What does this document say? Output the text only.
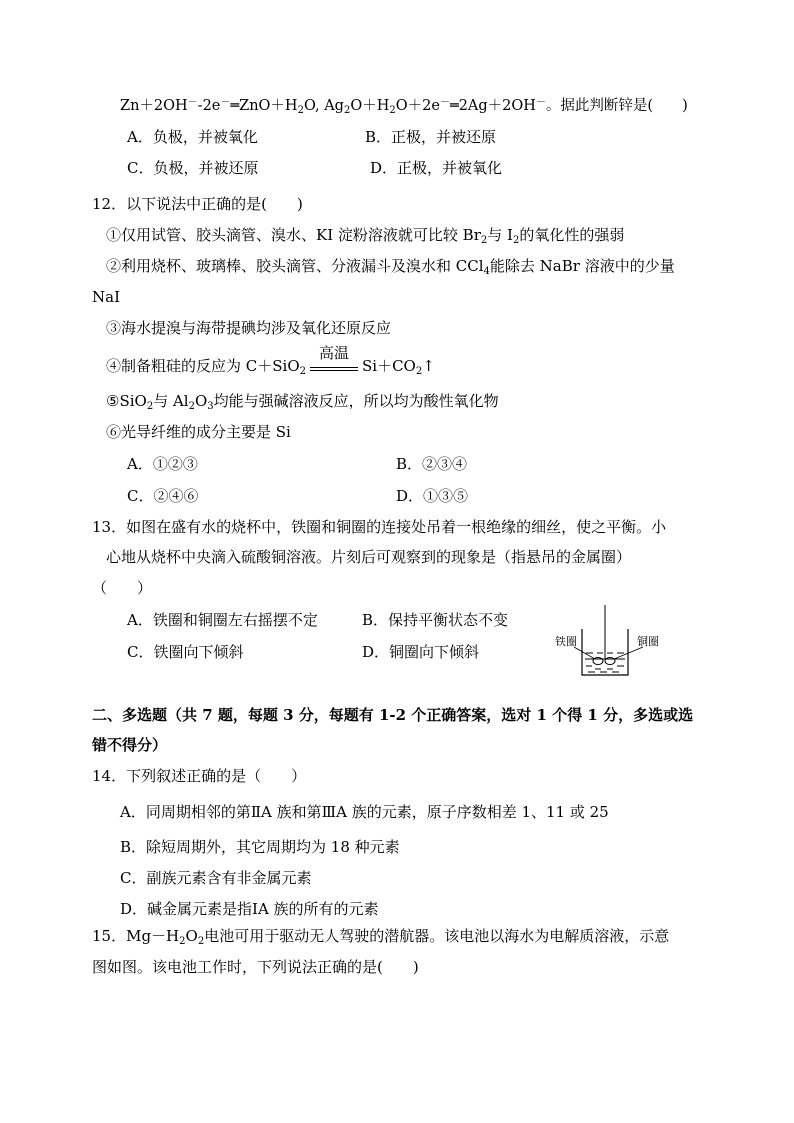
$Zn+2OH^--2e^-═ZnO+H_2O$, $Ag_2O+H_2O+2e^-═2Ag+2OH^-$。据此判断锌是(　　)
A．负极，并被氧化	B．正极，并被还原
C．负极，并被还原	D．正极，并被氧化
12．以下说法中正确的是(　　)
①仅用试管、胶头滴管、溴水、KI 淀粉溶液就可比较 $Br_2$与 $I_2$的氧化性的强弱
②利用烧杯、玻璃棒、胶头滴管、分液漏斗及溴水和 CCl$_4$能除去 NaBr 溶液中的少量
NaI
③海水提溴与海带提碘均涉及氧化还原反应
④制备粗硅的反应为 C＋SiO$_2$
高温
$Si+CO_2↑$
⑤SiO$_2$与 $Al_2O_3$均能与强碱溶液反应，所以均为酸性氧化物
⑥光导纤维的成分主要是 Si
A．①②③	B．②③④
C．②④⑥	D．①③⑤
13．如图在盛有水的烧杯中，铁圈和铜圈的连接处吊着一根绝缘的细丝，使之平衡。小
心地从烧杯中央滴入硫酸铜溶液。片刻后可观察到的现象是（指悬吊的金属圈）
（　　）
A．铁圈和铜圈左右摇摆不定	B．保持平衡状态不变
C．铁圈向下倾斜	D．铜圈向下倾斜
铁圈	铜圈
二、多选题（共 7 题，每题 3 分，每题有 1-2 个正确答案，选对 1 个得 1 分，多选或选
错不得分）
14．下列叙述正确的是（　　）
A．同周期相邻的第ⅡA 族和第ⅢA 族的元素，原子序数相差 1、11 或 25
B．除短周期外，其它周期均为 18 种元素
C．副族元素含有非金属元素
D．碱金属元素是指ⅠA 族的所有的元素
15．$Mg-H_2O_2$电池可用于驱动无人驾驶的潜航器。该电池以海水为电解质溶液，示意
图如图。该电池工作时，下列说法正确的是(　　)
